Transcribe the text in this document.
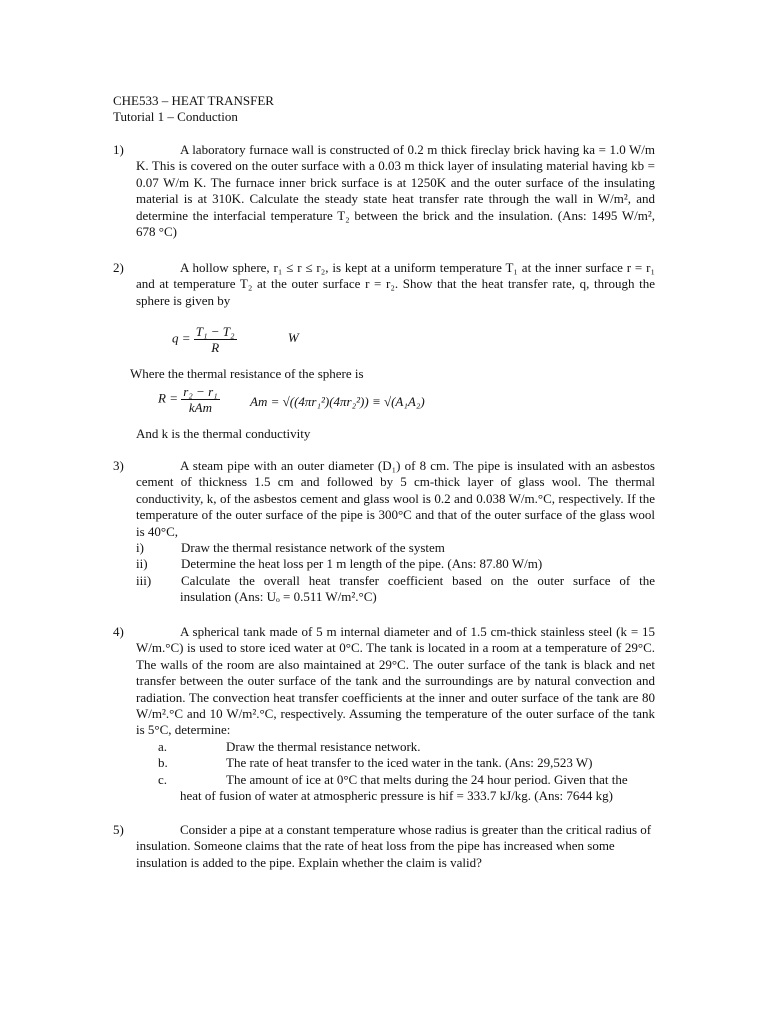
CHE533 – HEAT TRANSFER
Tutorial 1 – Conduction
1)	A laboratory furnace wall is constructed of 0.2 m thick fireclay brick having ka = 1.0 W/m K. This is covered on the outer surface with a 0.03 m thick layer of insulating material having kb = 0.07 W/m K. The furnace inner brick surface is at 1250K and the outer surface of the insulating material is at 310K. Calculate the steady state heat transfer rate through the wall in W/m², and determine the interfacial temperature T₂ between the brick and the insulation. (Ans: 1495 W/m², 678 °C)
2)	A hollow sphere, r₁ ≤ r ≤ r₂, is kept at a uniform temperature T₁ at the inner surface r = r₁ and at temperature T₂ at the outer surface r = r₂. Show that the heat transfer rate, q, through the sphere is given by
$q = \frac{\text{T₁ − T₂}}{R}$	W
Where the thermal resistance of the sphere is
$R = \frac{\text{r₂ − r₁}}{\text{kAm}}$ Am = √((4πr₁²)(4πr₂²)) ≡ √(A₁A₂)
And k is the thermal conductivity
3)	A steam pipe with an outer diameter (D₁) of 8 cm. The pipe is insulated with an asbestos cement of thickness 1.5 cm and followed by 5 cm-thick layer of glass wool. The thermal conductivity, k, of the asbestos cement and glass wool is 0.2 and 0.038 W/m.°C, respectively. If the temperature of the outer surface of the pipe is 300°C and that of the outer surface of the glass wool is 40°C,
i)	Draw the thermal resistance network of the system
ii)	Determine the heat loss per 1 m length of the pipe. (Ans: 87.80 W/m)
iii) Calculate the overall heat transfer coefficient based on the outer surface of the
insulation (Ans: Uₒ = 0.511 W/m².°C)
4)	A spherical tank made of 5 m internal diameter and of 1.5 cm-thick stainless steel (k = 15 W/m.°C) is used to store iced water at 0°C. The tank is located in a room at a temperature of 29°C. The walls of the room are also maintained at 29°C. The outer surface of the tank is black and net transfer between the outer surface of the tank and the surroundings are by natural convection and radiation. The convection heat transfer coefficients at the inner and outer surface of the tank are 80 W/m².°C and 10 W/m².°C, respectively. Assuming the temperature of the outer surface of the tank is 5°C, determine:
a.	Draw the thermal resistance network.
b.	The rate of heat transfer to the iced water in the tank. (Ans: 29,523 W)
c.	The amount of ice at 0°C that melts during the 24 hour period. Given that the
heat of fusion of water at atmospheric pressure is hif = 333.7 kJ/kg. (Ans: 7644 kg)
5)	Consider a pipe at a constant temperature whose radius is greater than the critical radius of insulation. Someone claims that the rate of heat loss from the pipe has increased when some insulation is added to the pipe. Explain whether the claim is valid?
